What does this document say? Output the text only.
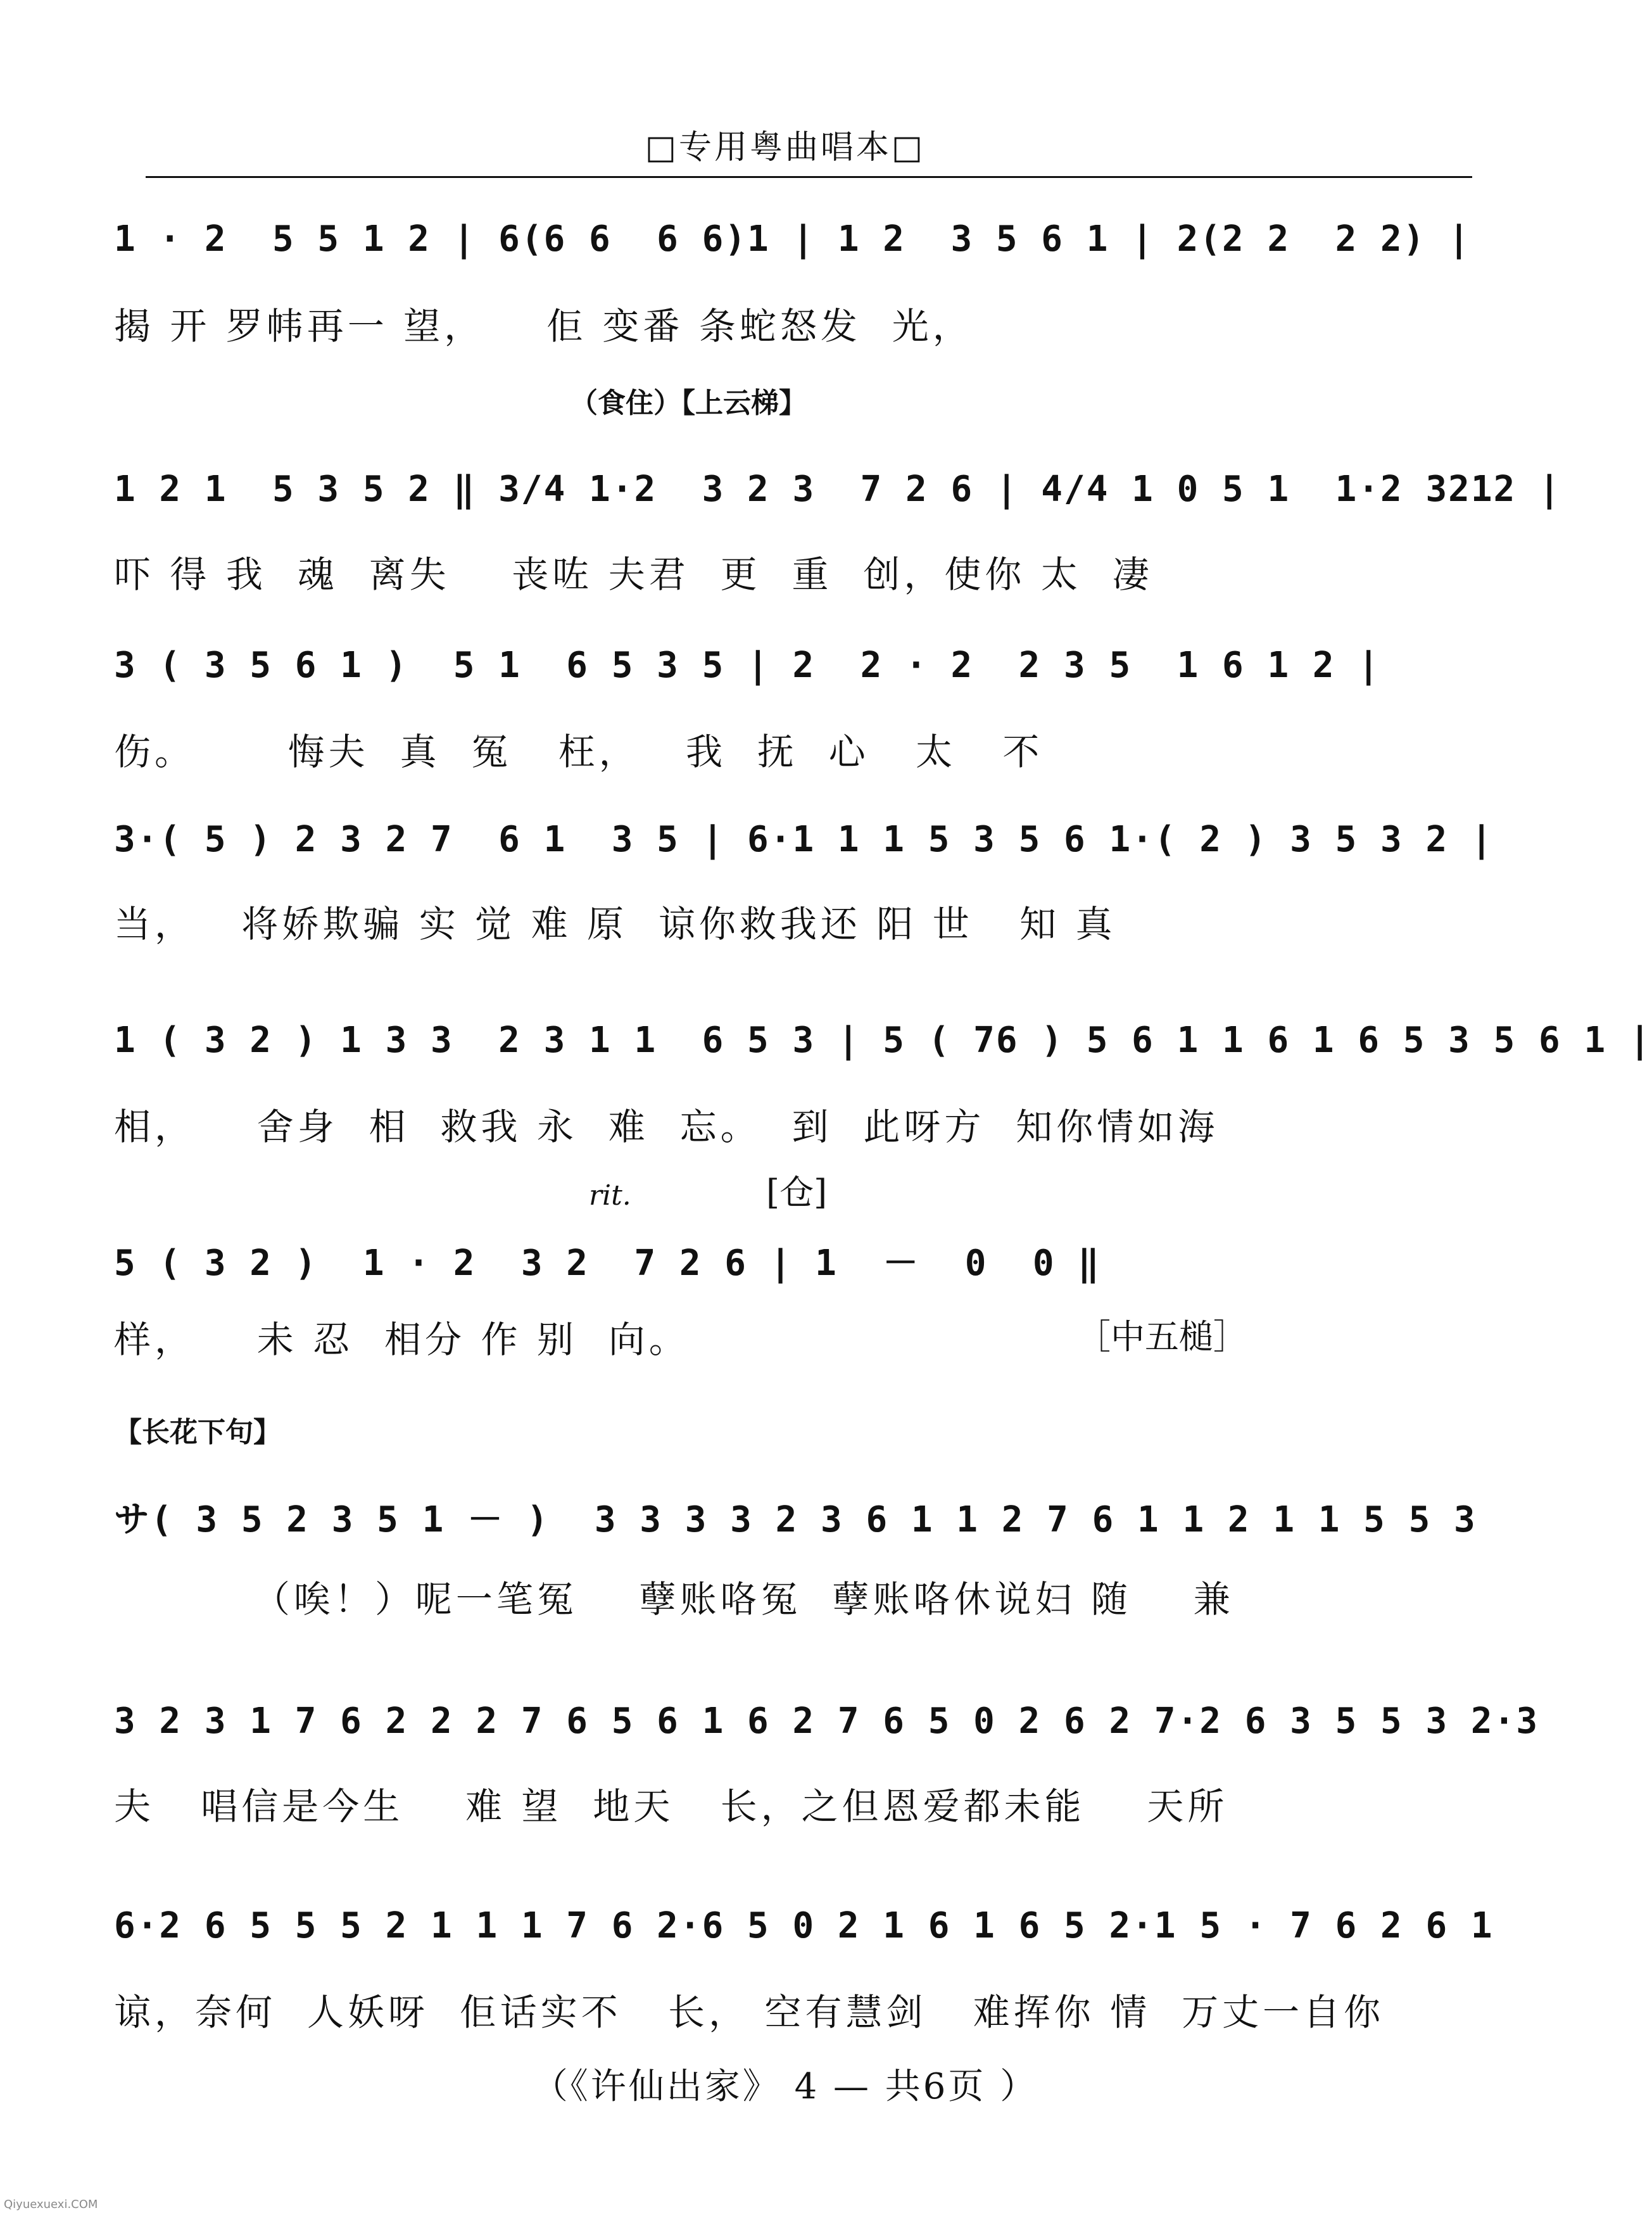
□专用粤曲唱本□
1 · 2  5 5 1 2 | 6(6 6  6 6)1 | 1 2  3 5 6 1 | 2(2 2  2 2) |
揭 开 罗帏再一 望，    佢 变番 条蛇怒发  光，
（食住）【上云梯】
1 2 1  5 3 5 2 ‖ 3/4 1·2  3 2 3  7 2 6 | 4/4 1 0 5 1  1·2 3212 |
吓 得 我  魂  离失    丧咗 夫君  更  重  创，使你 太  凄
3 ( 3 5 6 1 )  5 1  6 5 3 5 | 2  2 · 2  2 3 5  1 6 1 2 |
伤。      悔夫  真  冤   枉，   我  抚  心   太   不
3·( 5 ) 2 3 2 7  6 1  3 5 | 6·1 1 1 5 3 5 6 1·( 2 ) 3 5 3 2 |
当，   将娇欺骗 实 觉 难 原  谅你救我还 阳 世   知 真
1 ( 3 2 ) 1 3 3  2 3 1 1  6 5 3 | 5 ( 76 ) 5 6 1 1 6 1 6 5 3 5 6 1 |
相，    舍身  相  救我 永  难  忘。  到  此呀方  知你情如海
rit.	[仓]
5 ( 3 2 )  1 · 2  3 2  7 2 6 | 1  －  0  0 ‖
样，    未 忍  相分 作 别  向。	［中五槌］
【长花下句】
サ( 3 5 2 3 5 1 － )  3 3 3 3 2 3 6 1 1 2 7 6 1 1 2 1 1 5 5 3
（唉！）呢一笔冤    孽账咯冤  孽账咯休说妇 随    兼
3 2 3 1 7 6 2 2 2 7 6 5 6 1 6 2 7 6 5 0 2 6 2 7·2 6 3 5 5 3 2·3
夫   唱信是今生    难 望  地天   长，之但恩爱都未能    天所
6·2 6 5 5 5 2 1 1 1 7 6 2·6 5 0 2 1 6 1 6 5 2·1 5 · 7 6 2 6 1
谅，奈何  人妖呀  佢话实不   长， 空有慧剑   难挥你 情  万丈一自你
（《许仙出家》 4 — 共6页 ）
Qiyuexuexi.COM
